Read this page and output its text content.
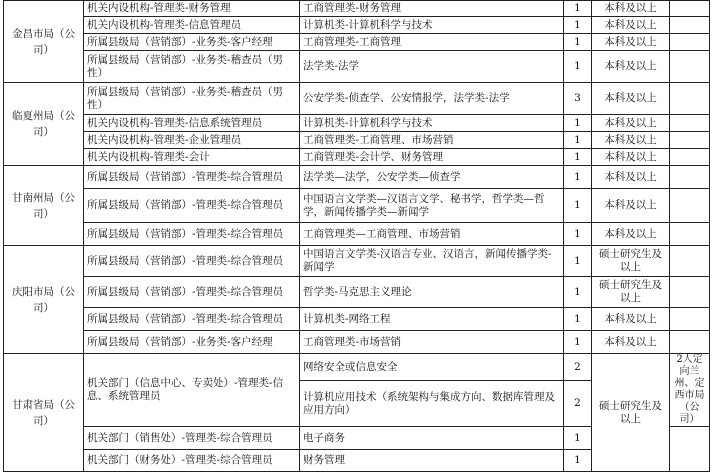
金昌市局（公司）	机关内设机构-管理类-财务管理	工商管理类-财务管理	1	本科及以上	
	机关内设机构-管理类-信息管理员	计算机类-计算机科学与技术	1	本科及以上	
	所属县级局（营销部）-业务类-客户经理	工商管理类-工商管理	1	本科及以上	
	所属县级局（营销部）-业务类-稽查员（男性）	法学类-法学	1	本科及以上	
临夏州局（公司）	所属县级局（营销部）-业务类-稽查员（男性）	公安学类-侦查学、公安情报学，法学类-法学	3	本科及以上	
	机关内设机构-管理类-信息系统管理员	计算机类-计算机科学与技术	1	本科及以上	
	机关内设机构-管理类-企业管理员	工商管理类-工商管理、市场营销	1	本科及以上	
	机关内设机构-管理类-会计	工商管理类-会计学、财务管理	1	本科及以上	
甘南州局（公司）	所属县级局（营销部）-管理类-综合管理员	法学类—法学，公安学类—侦查学	1	本科及以上	
	所属县级局（营销部）-管理类-综合管理员	中国语言文学类—汉语言文学、秘书学，哲学类—哲学，新闻传播学类—新闻学	1	本科及以上	
	所属县级局（营销部）-管理类-综合管理员	工商管理类—工商管理、市场营销	1	本科及以上	
庆阳市局（公司）	所属县级局（营销部）-管理类-综合管理员	中国语言文学类-汉语言专业、汉语言，新闻传播学类-新闻学	1	硕士研究生及以上	
	所属县级局（营销部）-管理类-综合管理员	哲学类-马克思主义理论	1	硕士研究生及以上	
	所属县级局（营销部）-管理类-综合管理员	计算机类-网络工程	1	本科及以上	
	所属县级局（营销部）-业务类-客户经理	工商管理类-市场营销	1	本科及以上	
甘肃省局（公司）	机关部门（信息中心、专卖处）-管理类-信息、系统管理员	网络安全或信息安全	2	硕士研究生及以上	2人定向兰州、定西市局（公司）
		计算机应用技术（系统架构与集成方向、数据库管理及应用方向）	2		
	机关部门（销售处）-管理类-综合管理员	电子商务	1		
	机关部门（财务处）-管理类-综合管理员	财务管理	1		
